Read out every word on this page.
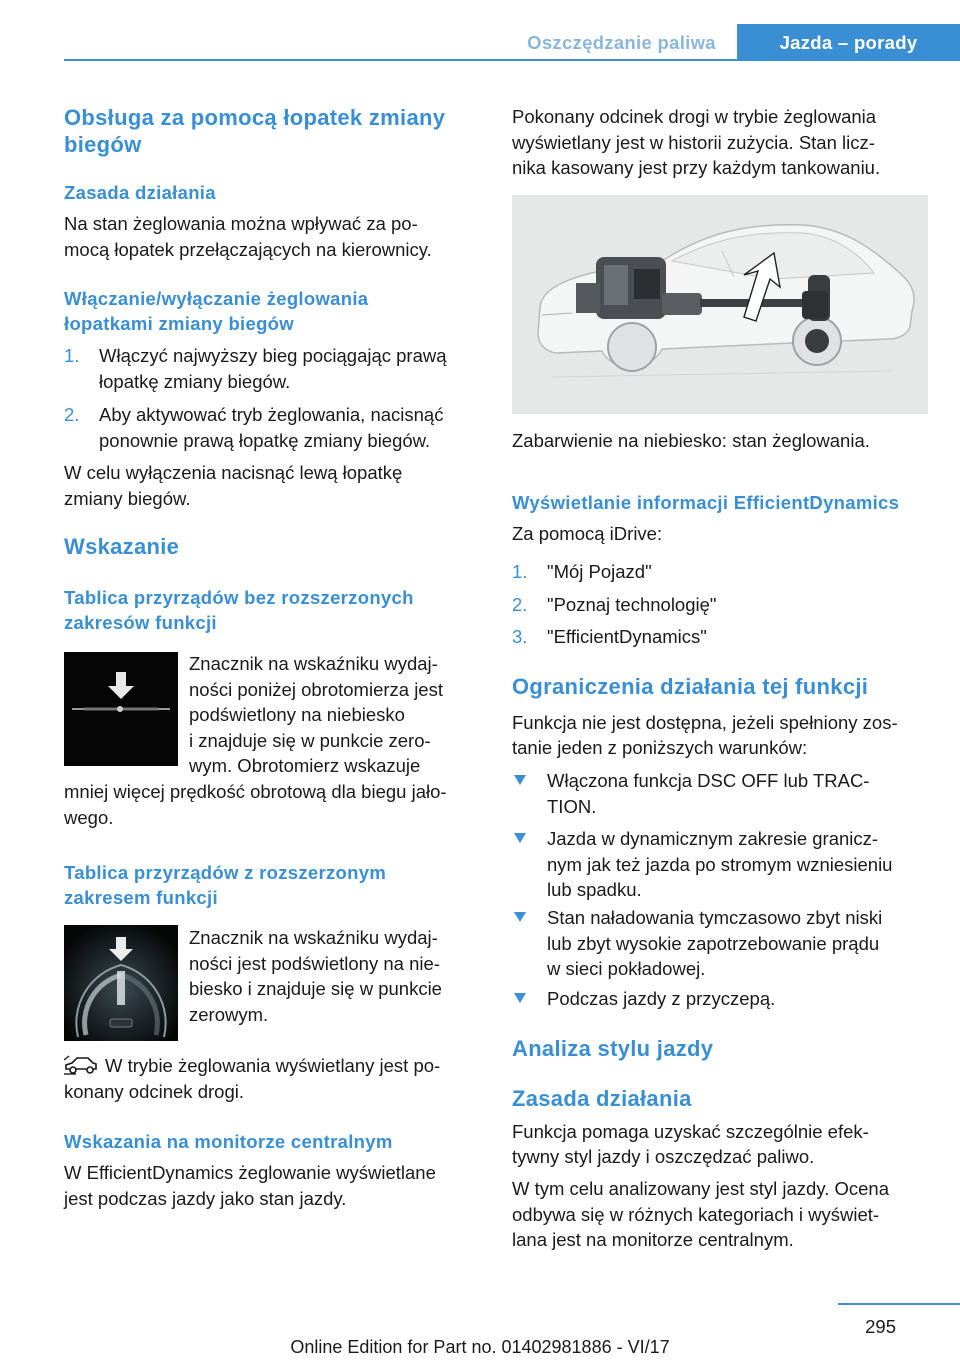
Oszczędzanie paliwa	Jazda – porady
Obsługa za pomocą łopatek zmiany biegów
Zasada działania
Na stan żeglowania można wpływać za po‐
mocą łopatek przełączających na kierownicy.
Włączanie/wyłączanie żeglowania
łopatkami zmiany biegów
1. Włączyć najwyższy bieg pociągając prawą
łopatkę zmiany biegów.
2. Aby aktywować tryb żeglowania, nacisnąć
ponownie prawą łopatkę zmiany biegów.
W celu wyłączenia nacisnąć lewą łopatkę
zmiany biegów.
Wskazanie
Tablica przyrządów bez rozszerzonych
zakresów funkcji
Znacznik na wskaźniku wydaj‐
ności poniżej obrotomierza jest
podświetlony na niebiesko
i znajduje się w punkcie zero‐
wym. Obrotomierz wskazuje
mniej więcej prędkość obrotową dla biegu jało‐
wego.
Tablica przyrządów z rozszerzonym
zakresem funkcji
Znacznik na wskaźniku wydaj‐
ności jest podświetlony na nie‐
biesko i znajduje się w punkcie
zerowym.
W trybie żeglowania wyświetlany jest po‐
konany odcinek drogi.
Wskazania na monitorze centralnym
W EfficientDynamics żeglowanie wyświetlane
jest podczas jazdy jako stan jazdy.
Pokonany odcinek drogi w trybie żeglowania
wyświetlany jest w historii zużycia. Stan licz‐
nika kasowany jest przy każdym tankowaniu.
Zabarwienie na niebiesko: stan żeglowania.
Wyświetlanie informacji EfficientDynamics
Za pomocą iDrive:
1. "Mój Pojazd"
2. "Poznaj technologię"
3. "EfficientDynamics"
Ograniczenia działania tej funkcji
Funkcja nie jest dostępna, jeżeli spełniony zos‐
tanie jeden z poniższych warunków:
Włączona funkcja DSC OFF lub TRAC‐
TION.
Jazda w dynamicznym zakresie granicz‐
nym jak też jazda po stromym wzniesieniu
lub spadku.
Stan naładowania tymczasowo zbyt niski
lub zbyt wysokie zapotrzebowanie prądu
w sieci pokładowej.
Podczas jazdy z przyczepą.
Analiza stylu jazdy
Zasada działania
Funkcja pomaga uzyskać szczególnie efek‐
tywny styl jazdy i oszczędzać paliwo.
W tym celu analizowany jest styl jazdy. Ocena
odbywa się w różnych kategoriach i wyświet‐
lana jest na monitorze centralnym.
295
Online Edition for Part no. 01402981886 - VI/17
